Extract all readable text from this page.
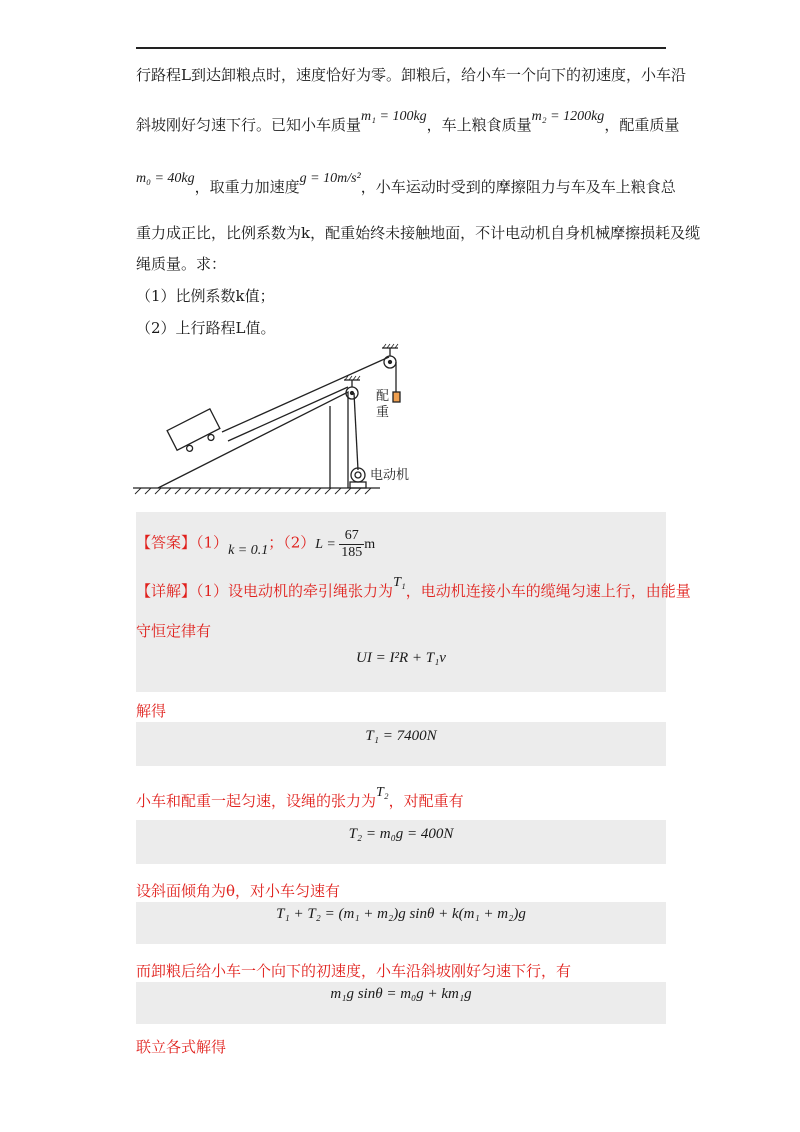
行路程L到达卸粮点时，速度恰好为零。卸粮后，给小车一个向下的初速度，小车沿
斜坡刚好匀速下行。已知小车质量m₁ = 100kg，车上粮食质量m₂ = 1200kg，配重质量
m₀ = 40kg，取重力加速度g = 10m/s²，小车运动时受到的摩擦阻力与车及车上粮食总
重力成正比，比例系数为k，配重始终未接触地面，不计电动机自身机械摩擦损耗及缆
绳质量。求：
（1）比例系数k值；
（2）上行路程L值。
配
重
电动机
【答案】（1）k = 0.1；$(2)L = \frac{67}{185}$ m
【详解】（1）设电动机的牵引绳张力为T₁，电动机连接小车的缆绳匀速上行，由能量
守恒定律有
UI = I²R + T₁v
解得
T₁ = 7400N
小车和配重一起匀速，设绳的张力为T₂，对配重有
T₂ = m₀g = 400N
设斜面倾角为θ，对小车匀速有
T₁ + T₂ = (m₁ + m₂)g sinθ + k(m₁ + m₂)g
而卸粮后给小车一个向下的初速度，小车沿斜坡刚好匀速下行，有
m₁g sinθ = m₀g + km₁g
联立各式解得
